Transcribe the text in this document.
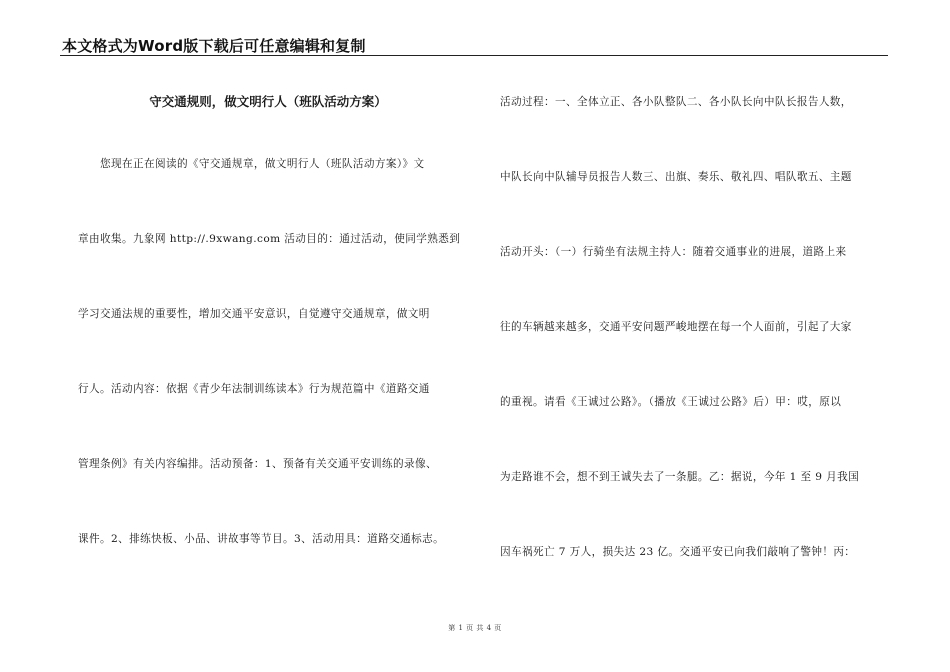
本文格式为Word版下载后可任意编辑和复制
守交通规则，做文明行人（班队活动方案）
　　您现在正在阅读的《守交通规章，做文明行人（班队活动方案）》文
章由收集。九象网 http://.9xwang.com 活动目的：通过活动，使同学熟悉到
学习交通法规的重要性，增加交通平安意识，自觉遵守交通规章，做文明
行人。活动内容：依据《青少年法制训练读本》行为规范篇中《道路交通
管理条例》有关内容编排。活动预备：1、预备有关交通平安训练的录像、
课件。2、排练快板、小品、讲故事等节目。3、活动用具：道路交通标志。
活动过程：一、全体立正、各小队整队二、各小队长向中队长报告人数，
中队长向中队辅导员报告人数三、出旗、奏乐、敬礼四、唱队歌五、主题
活动开头：（一）行骑坐有法规主持人：随着交通事业的进展，道路上来
往的车辆越来越多，交通平安问题严峻地摆在每一个人面前，引起了大家
的重视。请看《王诚过公路》。（播放《王诚过公路》后）甲：哎，原以
为走路谁不会，想不到王诚失去了一条腿。乙：据说，今年 1 至 9 月我国
因车祸死亡 7 万人，损失达 23 亿。交通平安已向我们敲响了警钟！丙：
第 1 页 共 4 页
